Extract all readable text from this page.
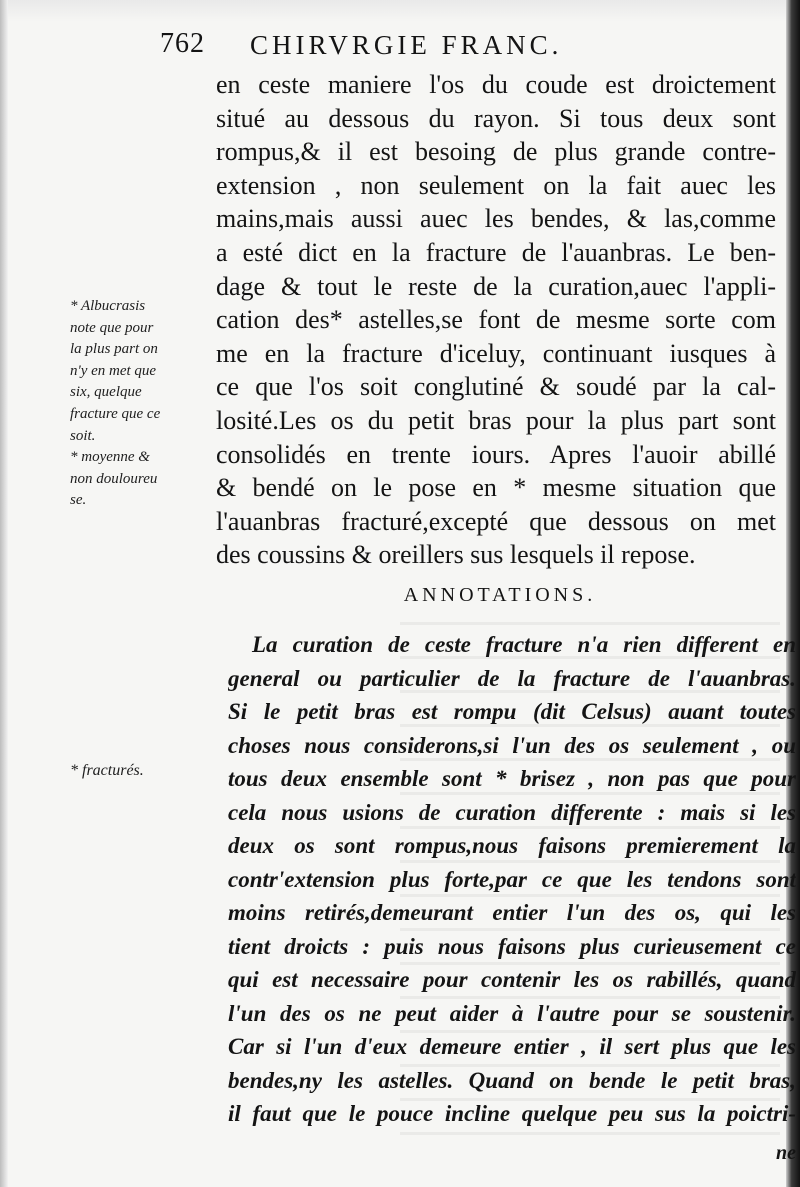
762 CHIRVRGIE FRANC.
en ceste maniere l'os du coude est droictement
situé au dessous du rayon. Si tous deux sont
rompus,& il est besoing de plus grande contre-
extension , non seulement on la fait auec les
mains,mais aussi auec les bendes, & las,comme
a esté dict en la fracture de l'auanbras. Le ben-
dage & tout le reste de la curation,auec l'appli-
cation des* astelles,se font de mesme sorte com
me en la fracture d'iceluy, continuant iusques à
ce que l'os soit conglutiné & soudé par la cal-
losité.Les os du petit bras pour la plus part sont
consolidés en trente iours. Apres l'auoir abillé
& bendé on le pose en * mesme situation que
l'auanbras fracturé,excepté que dessous on met
des coussins & oreillers sus lesquels il repose.
* Albucrasis
note que pour
la plus part on
n'y en met que
six, quelque
fracture que ce
soit.
* moyenne &
non douloureu
se.
ANNOTATIONS.
* fracturés.
La curation de ceste fracture n'a rien different en
general ou particulier de la fracture de l'auanbras.
Si le petit bras est rompu (dit Celsus) auant toutes
choses nous considerons,si l'un des os seulement , ou
tous deux ensemble sont * brisez , non pas que pour
cela nous usions de curation differente : mais si les
deux os sont rompus,nous faisons premierement la
contr'extension plus forte,par ce que les tendons sont
moins retirés,demeurant entier l'un des os, qui les
tient droicts : puis nous faisons plus curieusement ce
qui est necessaire pour contenir les os rabillés, quand
l'un des os ne peut aider à l'autre pour se soustenir.
Car si l'un d'eux demeure entier , il sert plus que les
bendes,ny les astelles. Quand on bende le petit bras,
il faut que le pouce incline quelque peu sus la poictri-
ne
